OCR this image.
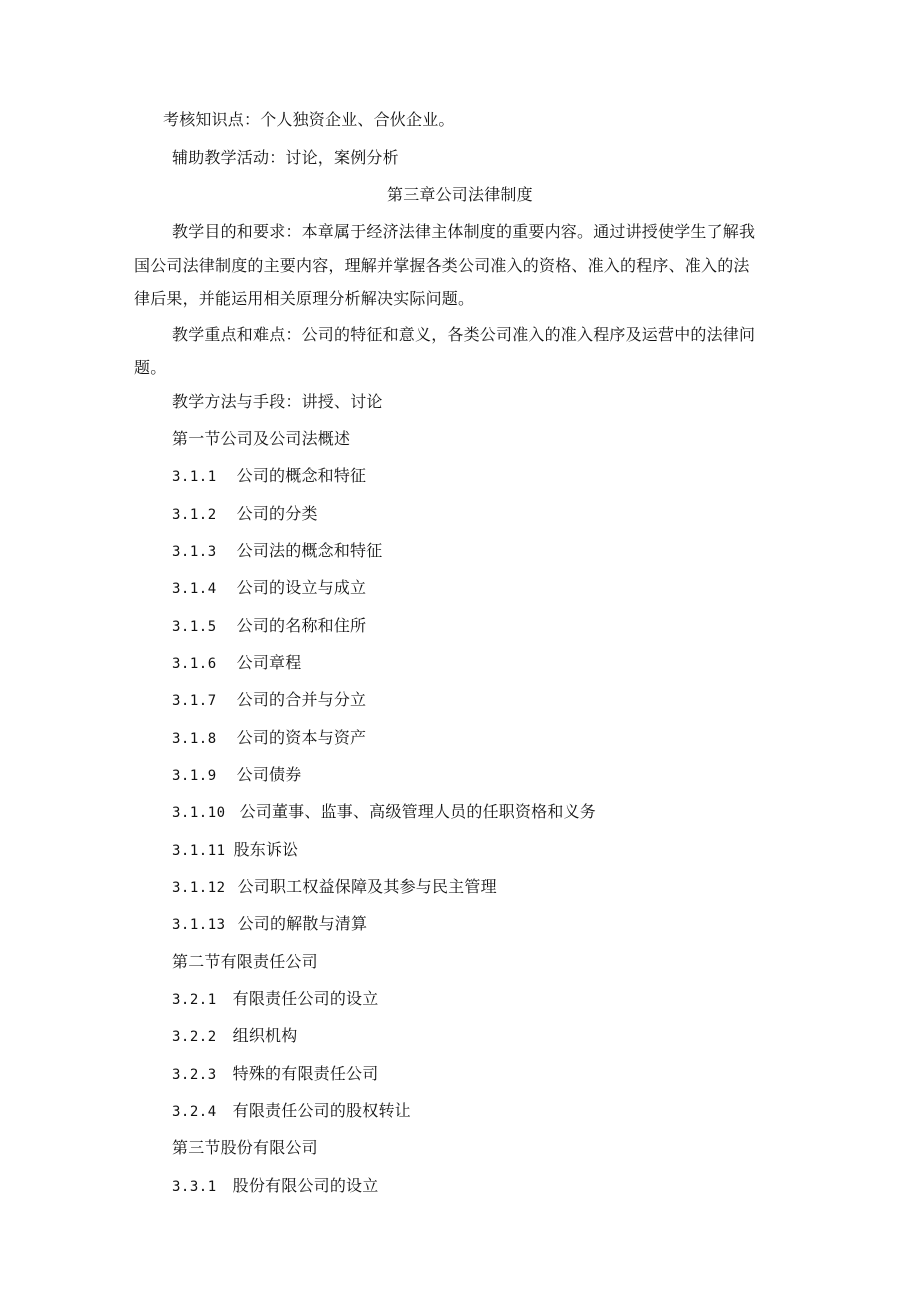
考核知识点：个人独资企业、合伙企业。
辅助教学活动：讨论，案例分析
第三章公司法律制度
教学目的和要求：本章属于经济法律主体制度的重要内容。通过讲授使学生了解我
国公司法律制度的主要内容，理解并掌握各类公司准入的资格、准入的程序、准入的法
律后果，并能运用相关原理分析解决实际问题。
教学重点和难点：公司的特征和意义，各类公司准入的准入程序及运营中的法律问
题。
教学方法与手段：讲授、讨论
第一节公司及公司法概述
3.1.1 公司的概念和特征
3.1.2 公司的分类
3.1.3 公司法的概念和特征
3.1.4 公司的设立与成立
3.1.5 公司的名称和住所
3.1.6 公司章程
3.1.7 公司的合并与分立
3.1.8 公司的资本与资产
3.1.9 公司债券
3.1.10 公司董事、监事、高级管理人员的任职资格和义务
3.1.11 股东诉讼
3.1.12 公司职工权益保障及其参与民主管理
3.1.13 公司的解散与清算
第二节有限责任公司
3.2.1 有限责任公司的设立
3.2.2 组织机构
3.2.3 特殊的有限责任公司
3.2.4 有限责任公司的股权转让
第三节股份有限公司
3.3.1 股份有限公司的设立
